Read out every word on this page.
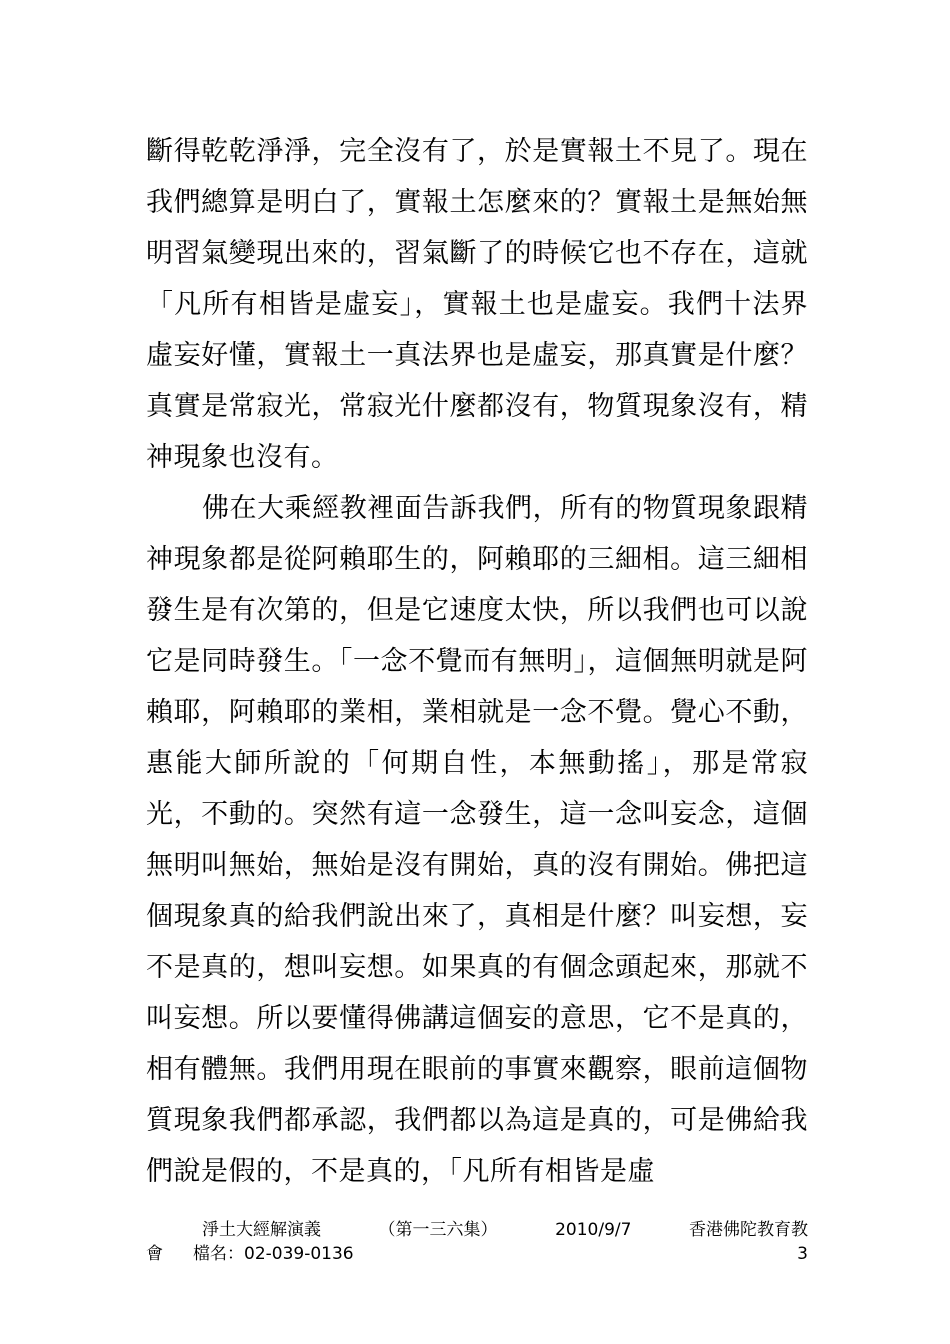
斷得乾乾淨淨，完全沒有了，於是實報土不見了。現在我們總算是明白了，實報土怎麼來的？實報土是無始無明習氣變現出來的，習氣斷了的時候它也不存在，這就「凡所有相皆是虛妄」，實報土也是虛妄。我們十法界虛妄好懂，實報土一真法界也是虛妄，那真實是什麼？真實是常寂光，常寂光什麼都沒有，物質現象沒有，精神現象也沒有。

佛在大乘經教裡面告訴我們，所有的物質現象跟精神現象都是從阿賴耶生的，阿賴耶的三細相。這三細相發生是有次第的，但是它速度太快，所以我們也可以說它是同時發生。「一念不覺而有無明」，這個無明就是阿賴耶，阿賴耶的業相，業相就是一念不覺。覺心不動，惠能大師所說的「何期自性，本無動搖」，那是常寂光，不動的。突然有這一念發生，這一念叫妄念，這個無明叫無始，無始是沒有開始，真的沒有開始。佛把這個現象真的給我們說出來了，真相是什麼？叫妄想，妄不是真的，想叫妄想。如果真的有個念頭起來，那就不叫妄想。所以要懂得佛講這個妄的意思，它不是真的，相有體無。我們用現在眼前的事實來觀察，眼前這個物質現象我們都承認，我們都以為這是真的，可是佛給我們說是假的，不是真的，「凡所有相皆是虛

淨土大經解演義	（第一三六集）	2010/9/7	香港佛陀教育教
會 檔名：02-039-0136	3
